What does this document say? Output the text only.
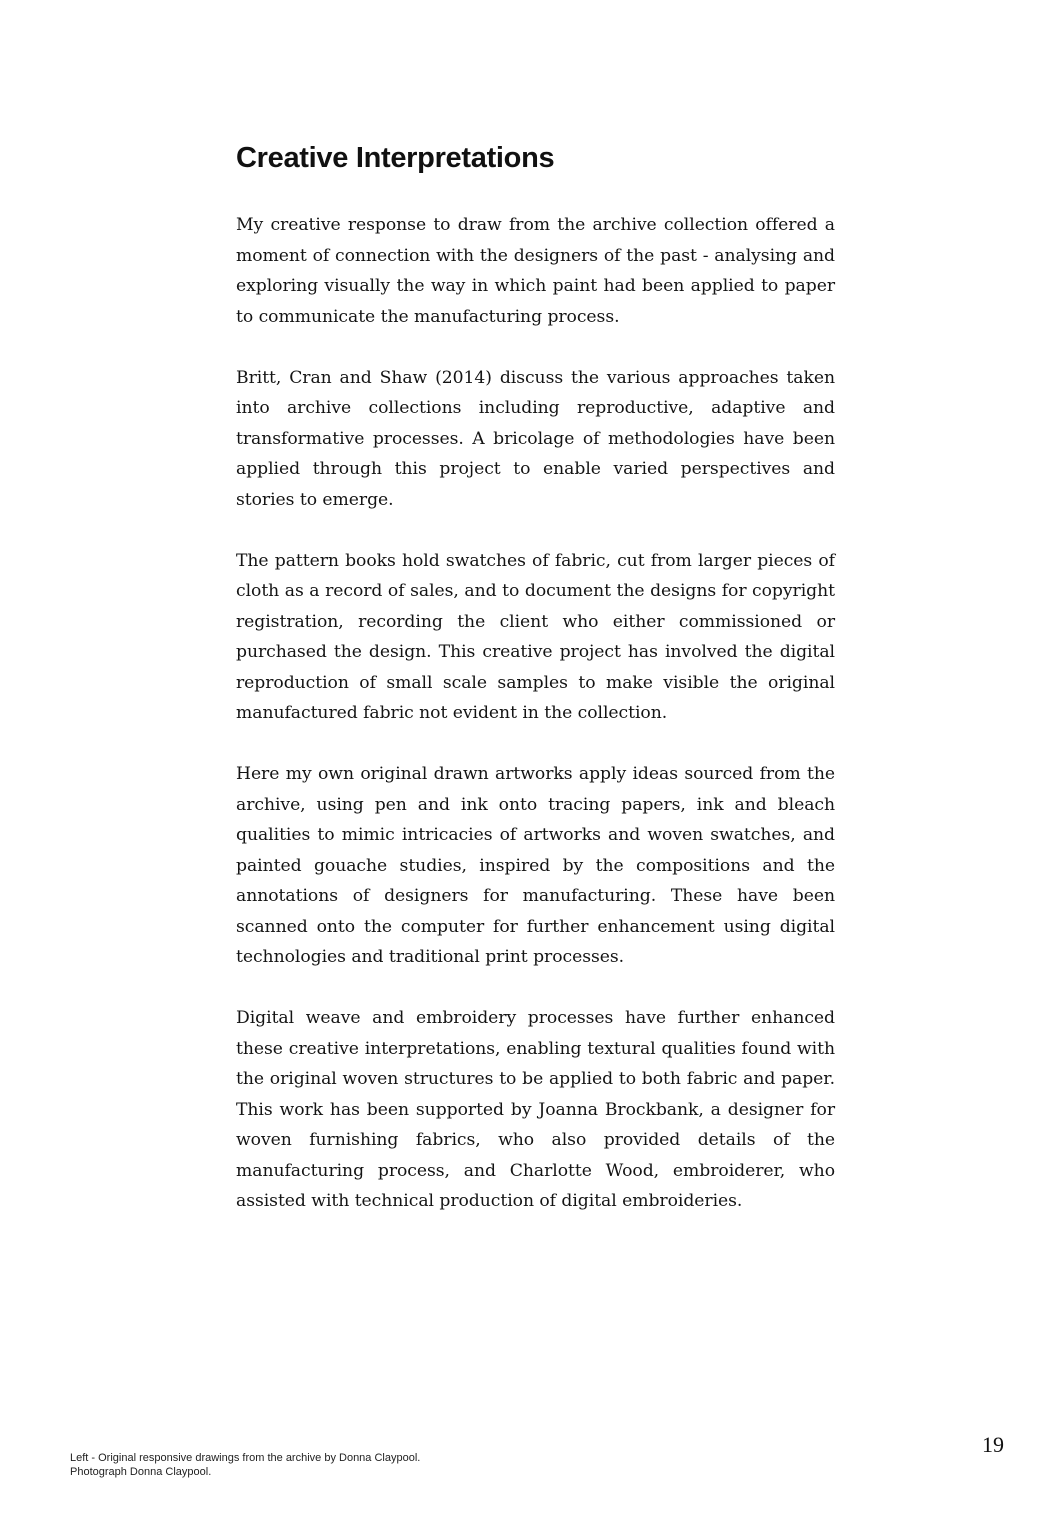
Creative Interpretations

My creative response to draw from the archive collection offered a moment of connection with the designers of the past - analysing and exploring visually the way in which paint had been applied to paper to communicate the manufacturing process.

Britt, Cran and Shaw (2014) discuss the various approaches taken into archive collections including reproductive, adaptive and transformative processes. A bricolage of methodologies have been applied through this project to enable varied perspectives and stories to emerge.

The pattern books hold swatches of fabric, cut from larger pieces of cloth as a record of sales, and to document the designs for copyright registration, recording the client who either commissioned or purchased the design. This creative project has involved the digital reproduction of small scale samples to make visible the original manufactured fabric not evident in the collection.

Here my own original drawn artworks apply ideas sourced from the archive, using pen and ink onto tracing papers, ink and bleach qualities to mimic intricacies of artworks and woven swatches, and painted gouache studies, inspired by the compositions and the annotations of designers for manufacturing. These have been scanned onto the computer for further enhancement using digital technologies and traditional print processes.

Digital weave and embroidery processes have further enhanced these creative interpretations, enabling textural qualities found with the original woven structures to be applied to both fabric and paper. This work has been supported by Joanna Brockbank, a designer for woven furnishing fabrics, who also provided details of the manufacturing process, and Charlotte Wood, embroiderer, who assisted with technical production of digital embroideries.

Left - Original responsive drawings from the archive by Donna Claypool.
Photograph Donna Claypool.
19
